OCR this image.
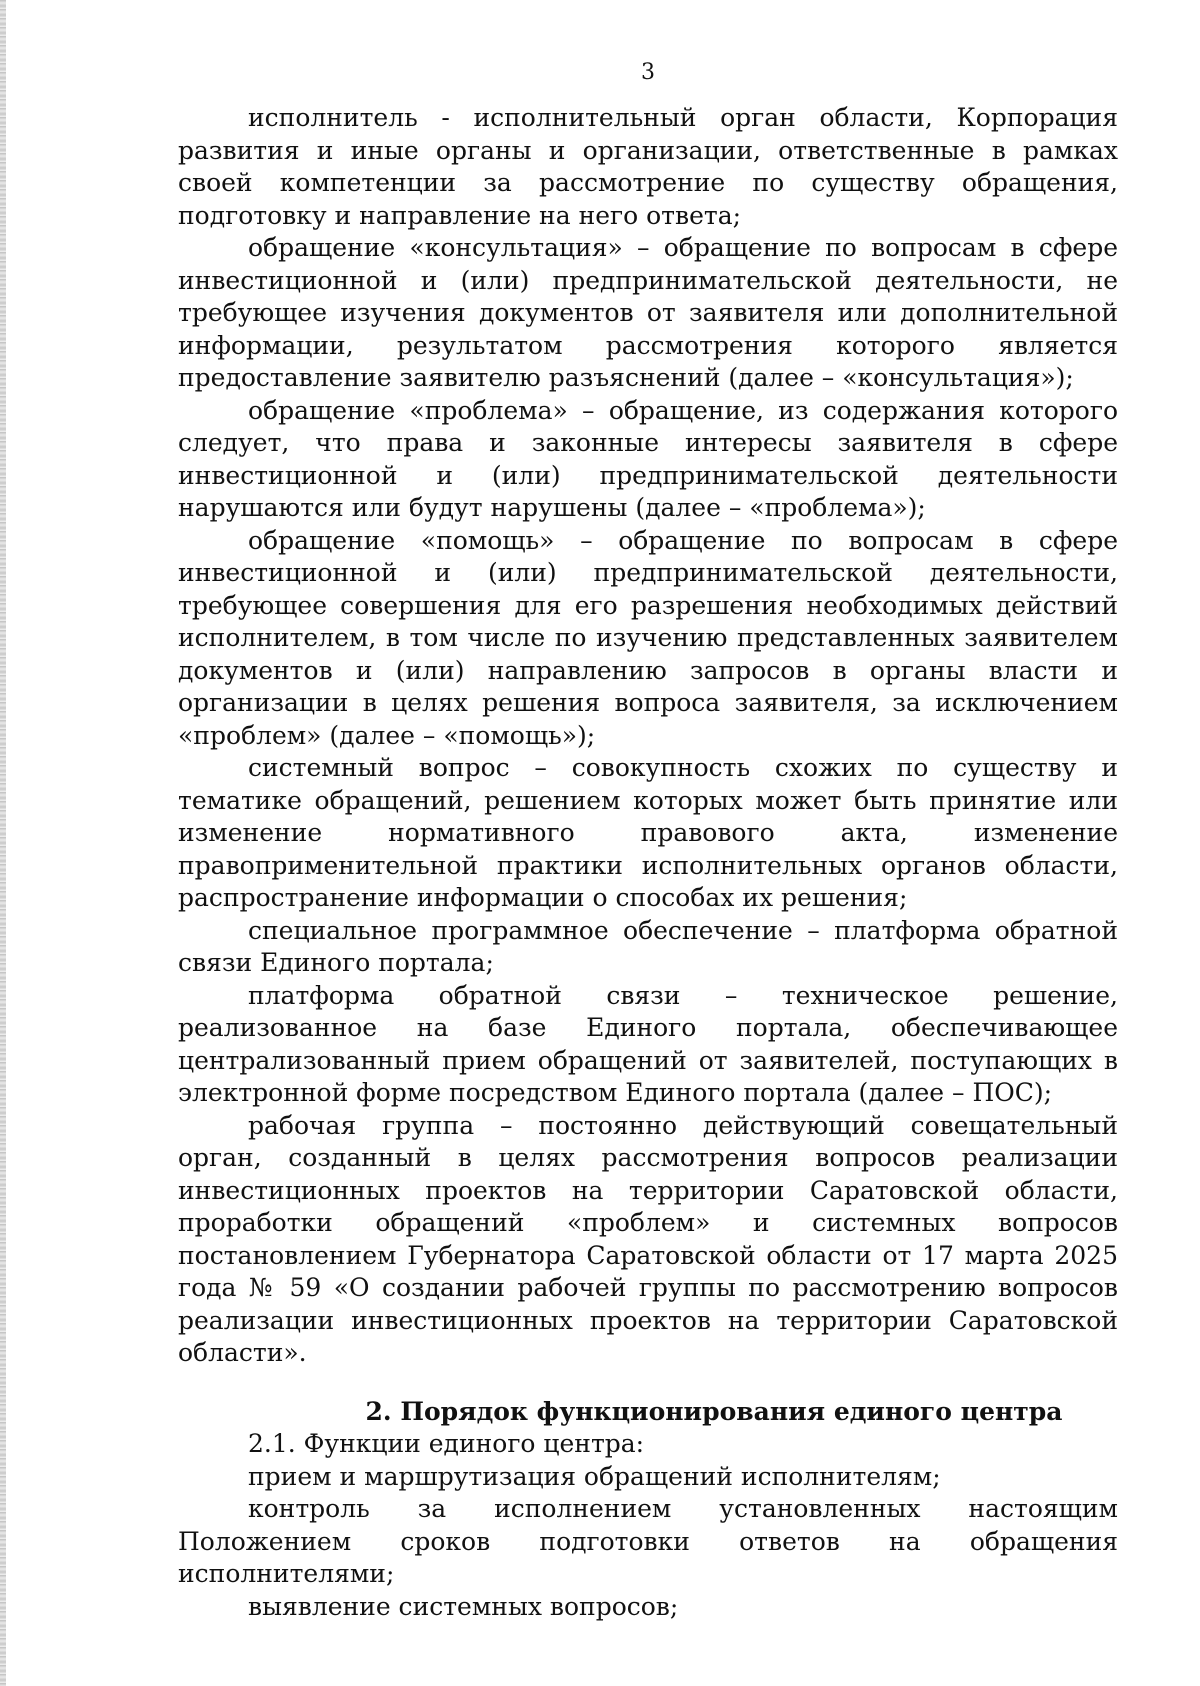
3

исполнитель - исполнительный орган области, Корпорация развития и иные органы и организации, ответственные в рамках своей компетенции за рассмотрение по существу обращения, подготовку и направление на него ответа;

обращение «консультация» – обращение по вопросам в сфере инвестиционной и (или) предпринимательской деятельности, не требующее изучения документов от заявителя или дополнительной информации, результатом рассмотрения которого является предоставление заявителю разъяснений (далее – «консультация»);

обращение «проблема» – обращение, из содержания которого следует, что права и законные интересы заявителя в сфере инвестиционной и (или) предпринимательской деятельности нарушаются или будут нарушены (далее – «проблема»);

обращение «помощь» – обращение по вопросам в сфере инвестиционной и (или) предпринимательской деятельности, требующее совершения для его разрешения необходимых действий исполнителем, в том числе по изучению представленных заявителем документов и (или) направлению запросов в органы власти и организации в целях решения вопроса заявителя, за исключением «проблем» (далее – «помощь»);

системный вопрос – совокупность схожих по существу и тематике обращений, решением которых может быть принятие или изменение нормативного правового акта, изменение правоприменительной практики исполнительных органов области, распространение информации о способах их решения;

специальное программное обеспечение – платформа обратной связи Единого портала;

платформа обратной связи – техническое решение, реализованное на базе Единого портала, обеспечивающее централизованный прием обращений от заявителей, поступающих в электронной форме посредством Единого портала (далее – ПОС);

рабочая группа – постоянно действующий совещательный орган, созданный в целях рассмотрения вопросов реализации инвестиционных проектов на территории Саратовской области, проработки обращений «проблем» и системных вопросов постановлением Губернатора Саратовской области от 17 марта 2025 года № 59 «О создании рабочей группы по рассмотрению вопросов реализации инвестиционных проектов на территории Саратовской области».

2. Порядок функционирования единого центра

2.1. Функции единого центра:

прием и маршрутизация обращений исполнителям;

контроль за исполнением установленных настоящим Положением сроков подготовки ответов на обращения исполнителями;

выявление системных вопросов;
